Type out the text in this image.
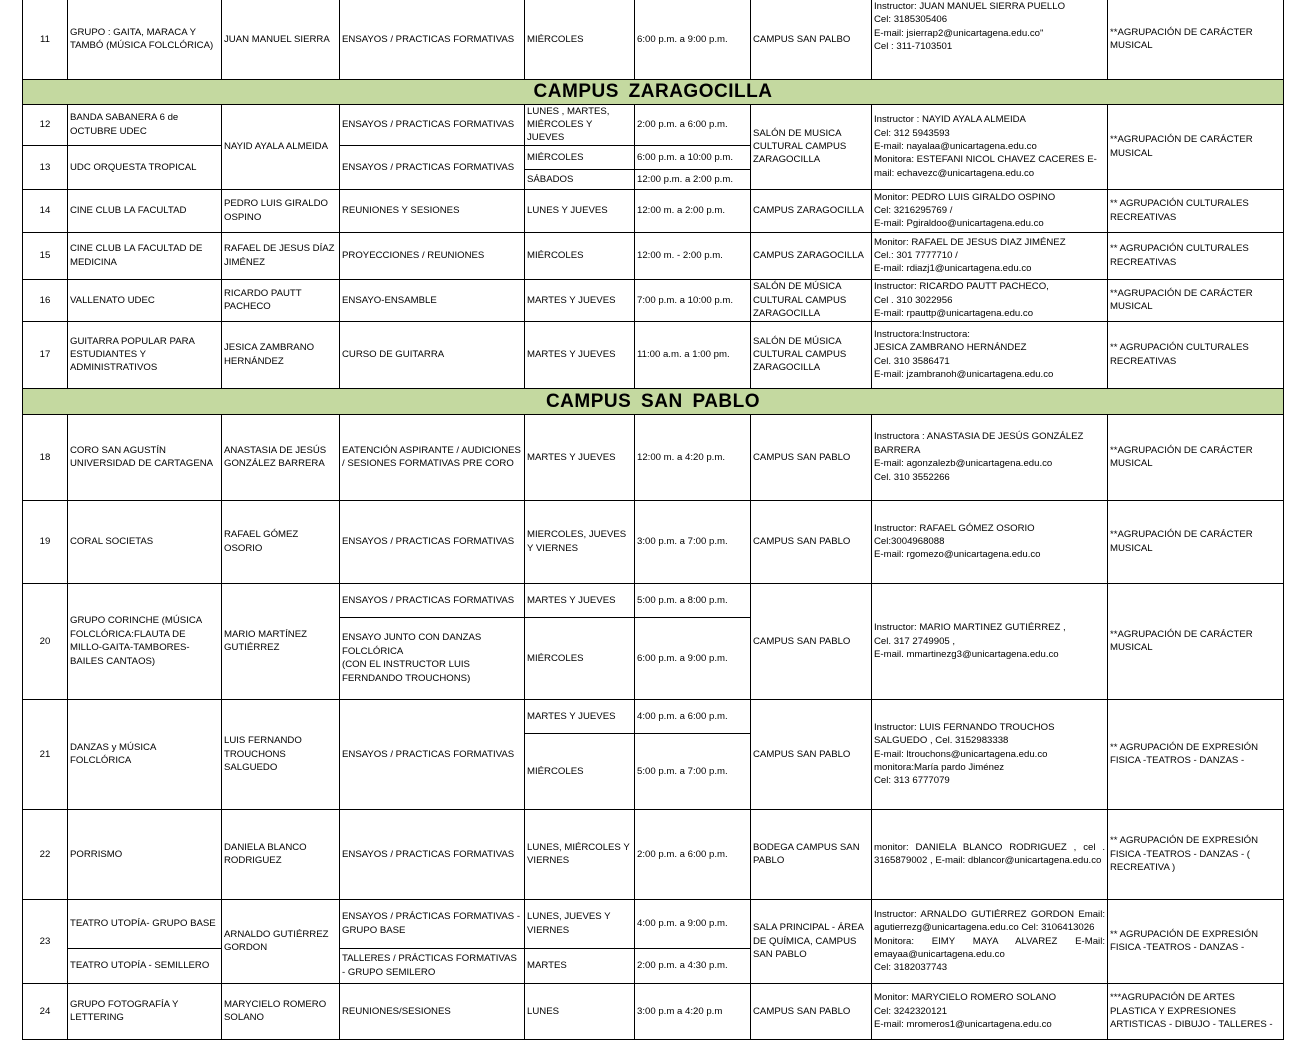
11	GRUPO : GAITA, MARACA Y TAMBÓ (MÚSICA FOLCLÓRICA)	JUAN MANUEL SIERRA	ENSAYOS / PRACTICAS FORMATIVAS	MIÉRCOLES	6:00 p.m. a 9:00 p.m.	CAMPUS SAN PALBO	Instructor: JUAN MANUEL SIERRA PUELLO
Cel: 3185305406
E-mail: jsierrap2@unicartagena.edu.co"
Cel : 311-7103501	**AGRUPACIÓN DE CARÁCTER MUSICAL
CAMPUS ZARAGOCILLA								
12	BANDA SABANERA 6 de OCTUBRE UDEC	NAYID AYALA ALMEIDA	ENSAYOS / PRACTICAS FORMATIVAS	LUNES , MARTES, MIÉRCOLES Y JUEVES	2:00 p.m. a 6:00 p.m.	SALÓN DE MUSICA CULTURAL CAMPUS ZARAGOCILLA	Instructor : NAYID AYALA ALMEIDA
Cel: 312 5943593
E-mail: nayalaa@unicartagena.edu.co
Monitora: ESTEFANI NICOL CHAVEZ CACERES E-mail: echavezc@unicartagena.edu.co	**AGRUPACIÓN DE CARÁCTER MUSICAL
13	UDC ORQUESTA TROPICAL		ENSAYOS / PRACTICAS FORMATIVAS	MIÉRCOLES	6:00 p.m. a 10:00 p.m.			
				SÁBADOS	12:00 p.m. a 2:00 p.m.			
14	CINE CLUB LA FACULTAD	PEDRO LUIS GIRALDO OSPINO	REUNIONES Y SESIONES	LUNES Y JUEVES	12:00 m. a 2:00 p.m.	CAMPUS ZARAGOCILLA	Monitor: PEDRO LUIS GIRALDO OSPINO
Cel: 3216295769 /
E-mail: Pgiraldoo@unicartagena.edu.co	** AGRUPACIÓN CULTURALES RECREATIVAS
15	CINE CLUB LA FACULTAD DE MEDICINA	RAFAEL DE JESUS DÍAZ JIMÉNEZ	PROYECCIONES / REUNIONES	MIÉRCOLES	12:00 m. - 2:00 p.m.	CAMPUS ZARAGOCILLA	Monitor: RAFAEL DE JESUS DIAZ JIMÉNEZ
Cel.: 301 7777710 /
E-mail: rdiazj1@unicartagena.edu.co	** AGRUPACIÓN CULTURALES RECREATIVAS
16	VALLENATO UDEC	RICARDO PAUTT PACHECO	ENSAYO-ENSAMBLE	MARTES Y JUEVES	7:00 p.m. a 10:00 p.m.	SALÓN DE MÚSICA CULTURAL CAMPUS ZARAGOCILLA	Instructor: RICARDO PAUTT PACHECO,
Cel . 310 3022956
E-mail: rpauttp@unicartagena.edu.co	**AGRUPACIÓN DE CARÁCTER MUSICAL
17	GUITARRA POPULAR PARA ESTUDIANTES Y ADMINISTRATIVOS	JESICA ZAMBRANO HERNÁNDEZ	CURSO DE GUITARRA	MARTES Y JUEVES	11:00 a.m. a 1:00 pm.	SALÓN DE MÚSICA CULTURAL CAMPUS ZARAGOCILLA	Instructora:Instructora:
JESICA ZAMBRANO HERNÁNDEZ
Cel. 310 3586471
E-mail: jzambranoh@unicartagena.edu.co	** AGRUPACIÓN CULTURALES RECREATIVAS
CAMPUS SAN PABLO								
18	CORO SAN AGUSTÍN UNIVERSIDAD DE CARTAGENA	ANASTASIA DE JESÚS GONZÁLEZ BARRERA	EATENCIÓN ASPIRANTE / AUDICIONES / SESIONES FORMATIVAS PRE CORO	MARTES Y JUEVES	12:00 m. a 4:20 p.m.	CAMPUS SAN PABLO	Instructora : ANASTASIA DE JESÚS GONZÁLEZ BARRERA
E-mail: agonzalezb@unicartagena.edu.co
Cel. 310 3552266	**AGRUPACIÓN DE CARÁCTER MUSICAL
19	CORAL SOCIETAS	RAFAEL GÓMEZ OSORIO	ENSAYOS / PRACTICAS FORMATIVAS	MIERCOLES, JUEVES Y VIERNES	3:00 p.m. a 7:00 p.m.	CAMPUS SAN PABLO	Instructor: RAFAEL GÓMEZ OSORIO
Cel:3004968088
E-mail: rgomezo@unicartagena.edu.co	**AGRUPACIÓN DE CARÁCTER MUSICAL
20	GRUPO CORINCHE (MÚSICA FOLCLÓRICA:FLAUTA DE MILLO-GAITA-TAMBORES-BAILES CANTAOS)	MARIO MARTÍNEZ GUTIÉRREZ	ENSAYOS / PRACTICAS FORMATIVAS	MARTES Y JUEVES	5:00 p.m. a 8:00 p.m.	CAMPUS SAN PABLO	Instructor: MARIO MARTINEZ GUTIÉRREZ ,
Cel. 317 2749905 ,
E-mail. mmartinezg3@unicartagena.edu.co	**AGRUPACIÓN DE CARÁCTER MUSICAL

			ENSAYO JUNTO CON DANZAS FOLCLÓRICA
(CON EL INSTRUCTOR LUIS FERNDANDO TROUCHONS)	MIÉRCOLES	6:00 p.m. a 9:00 p.m.			
21	DANZAS y MÚSICA FOLCLÓRICA	LUIS FERNANDO TROUCHONS SALGUEDO	ENSAYOS / PRACTICAS FORMATIVAS	MARTES Y JUEVES	4:00 p.m. a 6:00 p.m.	CAMPUS SAN PABLO	Instructor: LUIS FERNANDO TROUCHOS SALGUEDO , Cel. 3152983338
E-mail: ltrouchons@unicartagena.edu.co
monitora:María pardo Jiménez
Cel: 313 6777079	** AGRUPACIÓN DE EXPRESIÓN FISICA -TEATROS - DANZAS -
				MIÉRCOLES	5:00 p.m. a 7:00 p.m.			
22	PORRISMO	DANIELA BLANCO RODRIGUEZ	ENSAYOS / PRACTICAS FORMATIVAS	LUNES, MIÉRCOLES Y VIERNES	2:00 p.m. a 6:00 p.m.	BODEGA CAMPUS SAN PABLO	monitor: DANIELA BLANCO RODRIGUEZ , cel . 3165879002 , E-mail: dblancor@unicartagena.edu.co	** AGRUPACIÓN DE EXPRESIÓN FISICA -TEATROS - DANZAS - ( RECREATIVA )
23	TEATRO UTOPÍA- GRUPO BASE	ARNALDO GUTIÉRREZ GORDON	ENSAYOS / PRÁCTICAS FORMATIVAS - GRUPO BASE	LUNES, JUEVES Y VIERNES	4:00 p.m. a 9:00 p.m.	SALA PRINCIPAL - ÁREA DE QUÍMICA, CAMPUS SAN PABLO	Instructor: ARNALDO GUTIÉRREZ GORDON Email: agutierrezg@unicartagena.edu.co Cel: 3106413026
Monitora: EIMY MAYA ALVAREZ E-Mail: emayaa@unicartagena.edu.co
Cel: 3182037743	** AGRUPACIÓN DE EXPRESIÓN FISICA -TEATROS - DANZAS -
	TEATRO UTOPÍA - SEMILLERO		TALLERES / PRÁCTICAS FORMATIVAS - GRUPO SEMILERO	MARTES	2:00 p.m. a 4:30 p.m.			
24	GRUPO FOTOGRAFÍA Y LETTERING	MARYCIELO ROMERO SOLANO	REUNIONES/SESIONES	LUNES	3:00 p.m a 4:20 p.m	CAMPUS SAN PABLO	Monitor: MARYCIELO ROMERO SOLANO
Cel: 3242320121
E-mail: mromeros1@unicartagena.edu.co	***AGRUPACIÓN DE ARTES PLASTICA Y EXPRESIONES ARTISTICAS - DIBUJO - TALLERES -
